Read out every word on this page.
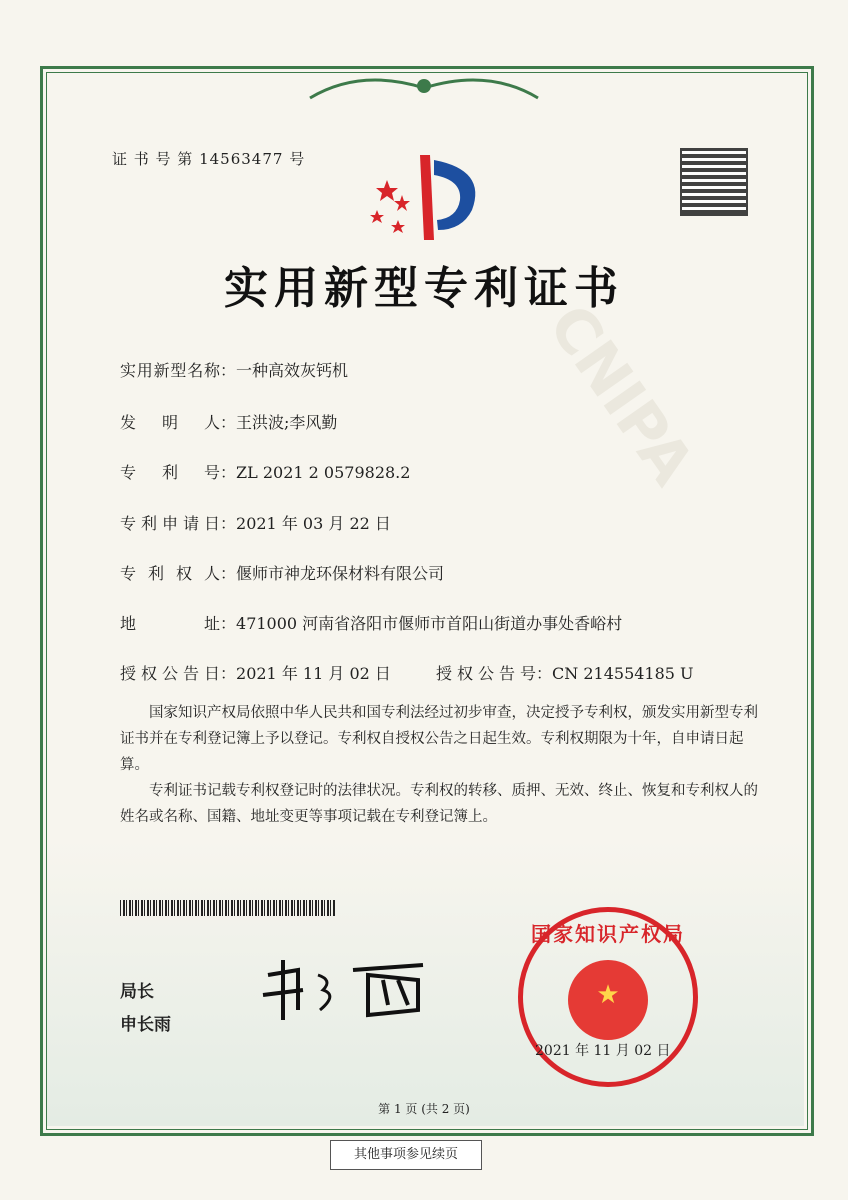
CNIPA
证 书 号 第 14563477 号
实用新型专利证书
实用新型名称：一种高效灰钙机
发明人：王洪波;李风勤
专利号：ZL 2021 2 0579828.2
专利申请日：2021 年 03 月 22 日
专利权人：偃师市神龙环保材料有限公司
地址：471000 河南省洛阳市偃师市首阳山街道办事处香峪村
授权公告日：2021 年 11 月 02 日	授权公告号：CN 214554185 U

国家知识产权局依照中华人民共和国专利法经过初步审查，决定授予专利权，颁发实用新型专利证书并在专利登记簿上予以登记。专利权自授权公告之日起生效。专利权期限为十年，自申请日起算。

专利证书记载专利权登记时的法律状况。专利权的转移、质押、无效、终止、恢复和专利权人的姓名或名称、国籍、地址变更等事项记载在专利登记簿上。

局长
申长雨
★
国家知识产权局
2021 年 11 月 02 日
第 1 页 (共 2 页)
其他事项参见续页
